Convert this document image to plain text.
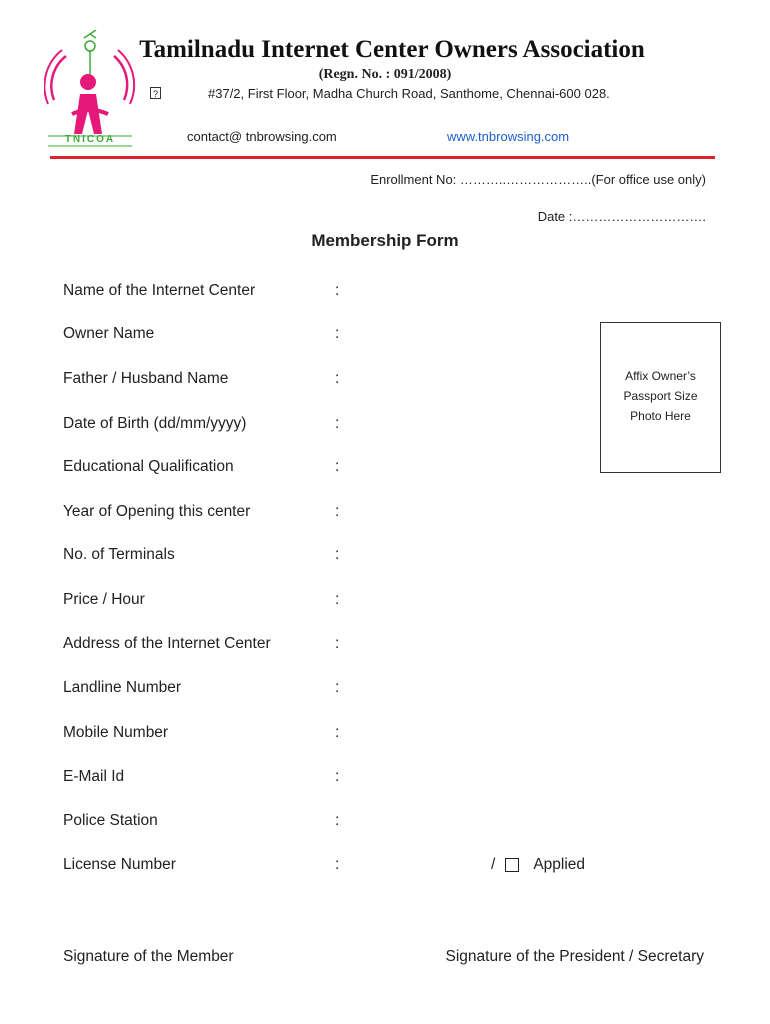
TNICOA
Tamilnadu Internet Center Owners Association
(Regn. No. : 091/2008)
?	#37/2, First Floor, Madha Church Road, Santhome, Chennai-600 028.
contact@ tnbrowsing.com	www.tnbrowsing.com
Enrollment No: ………..………………..(For office use only)
Date :………………………….
Membership Form
Name of the Internet Center	:
Owner Name	:
Father / Husband Name	:
Date of Birth (dd/mm/yyyy)	:
Educational Qualification	:
Year of Opening this center	:
No. of Terminals	:
Price / Hour	:
Address of the Internet Center	:
Landline Number	:
Mobile Number	:
E-Mail Id	:
Police Station	:
License Number	:	/ Applied
Affix Owner’s
Passport Size
Photo Here
Signature of the Member	Signature of the President / Secretary
